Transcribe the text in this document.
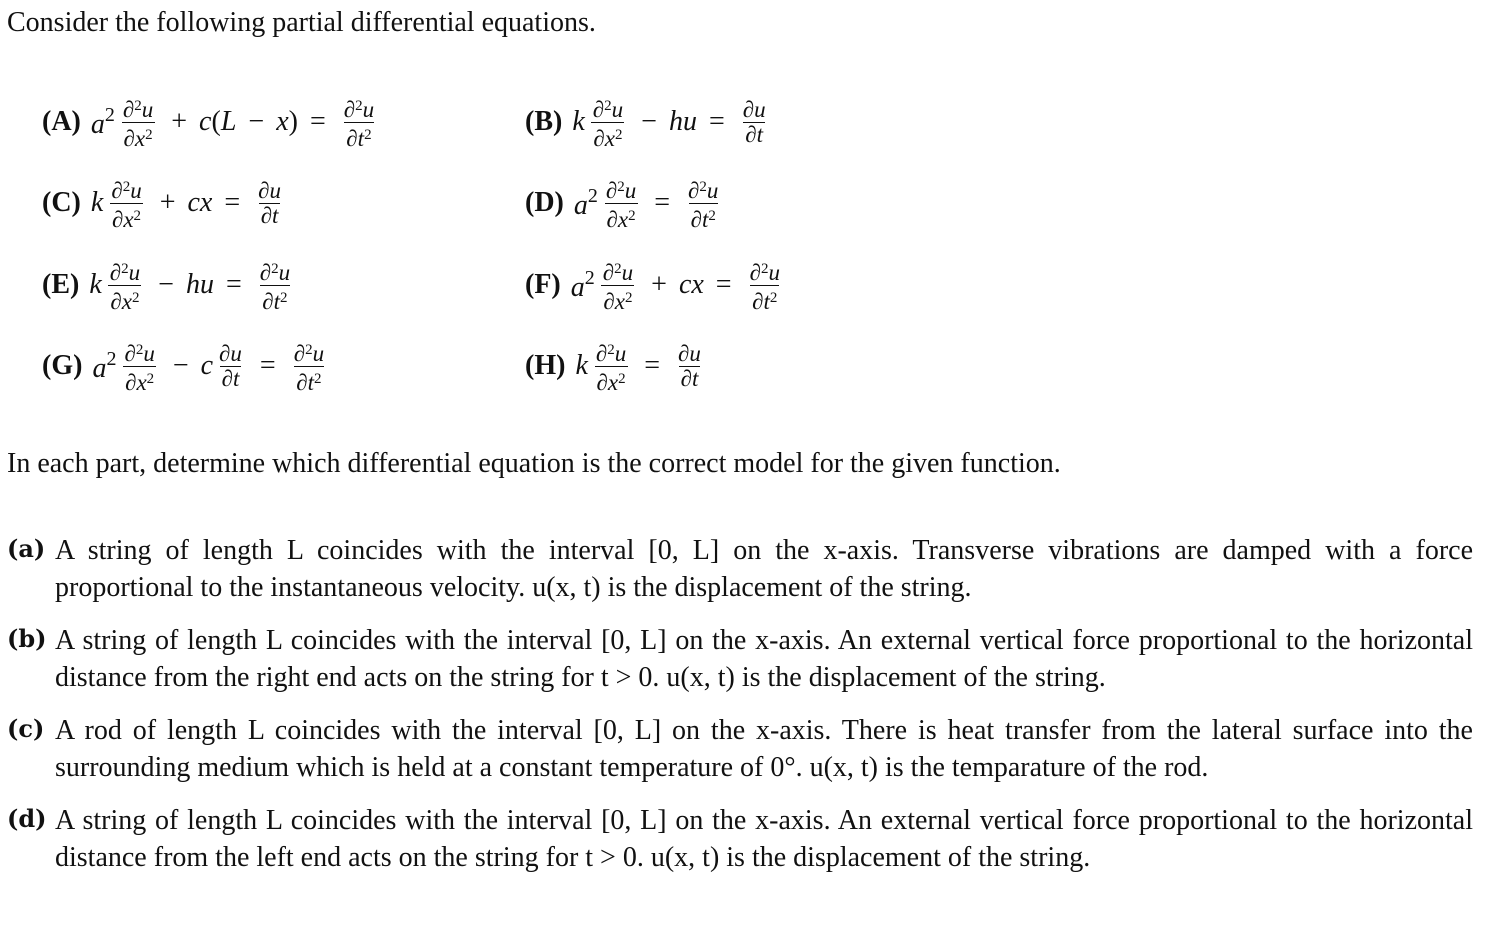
Consider the following partial differential equations.
(A) $a^2 \frac{\partial^2u}{\partial x^2} + c$ ( L − x ) = $\frac{\partial^2u}{\partial t^2}$	(B) k $\frac{\partial^2u}{\partial x^2}$ − hu = $\frac{\partial u}{\partial t}$
(C) k $\frac{\partial^2u}{\partial x^2}$ + cx = $\frac{\partial u}{\partial t}$	(D) $a^2 \frac{\partial^2u}{\partial x^2} = \frac{\partial^2u}{\partial t^2}$
(E) k $\frac{\partial^2u}{\partial x^2}$ − hu = $\frac{\partial^2u}{\partial t^2}$	(F) $a^2 \frac{\partial^2u}{\partial x^2}$ + cx = $\frac{\partial^2u}{\partial t^2}$
(G) $a^2 \frac{\partial^2u}{\partial x^2} - c \frac{\partial u}{\partial t} = \frac{\partial^2u}{\partial t^2}$	(H) k $\frac{\partial^2u}{\partial x^2} = \frac{\partial u}{\partial t}$
In each part, determine which differential equation is the correct model for the given function.
(a) A string of length L coincides with the interval [0, L] on the x-axis. Transverse vibrations are damped with a force proportional to the instantaneous velocity. u(x, t) is the displacement of the string.
(b) A string of length L coincides with the interval [0, L] on the x-axis. An external vertical force proportional to the horizontal distance from the right end acts on the string for t > 0. u(x, t) is the displacement of the string.
(c) A rod of length L coincides with the interval [0, L] on the x-axis. There is heat transfer from the lateral surface into the surrounding medium which is held at a constant temperature of 0°. u(x, t) is the temparature of the rod.
(d) A string of length L coincides with the interval [0, L] on the x-axis. An external vertical force proportional to the horizontal distance from the left end acts on the string for t > 0. u(x, t) is the displacement of the string.
